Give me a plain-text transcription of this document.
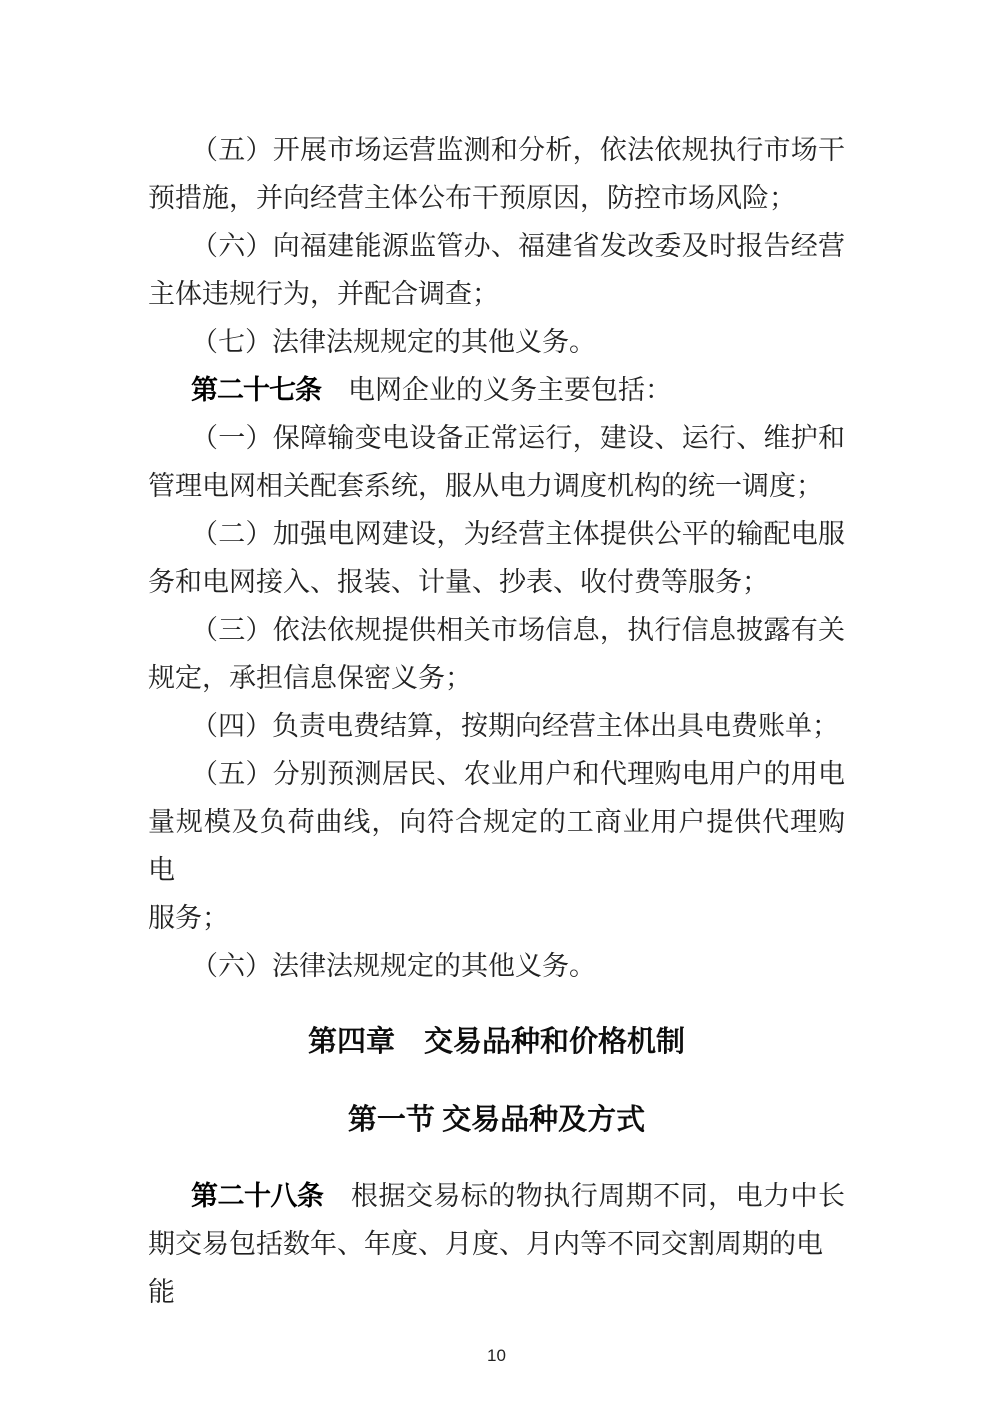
（五）开展市场运营监测和分析，依法依规执行市场干
预措施，并向经营主体公布干预原因，防控市场风险；
（六）向福建能源监管办、福建省发改委及时报告经营
主体违规行为，并配合调查；
（七）法律法规规定的其他义务。
第二十七条　电网企业的义务主要包括：
（一）保障输变电设备正常运行，建设、运行、维护和
管理电网相关配套系统，服从电力调度机构的统一调度；
（二）加强电网建设，为经营主体提供公平的输配电服
务和电网接入、报装、计量、抄表、收付费等服务；
（三）依法依规提供相关市场信息，执行信息披露有关
规定，承担信息保密义务；
（四）负责电费结算，按期向经营主体出具电费账单；
（五）分别预测居民、农业用户和代理购电用户的用电
量规模及负荷曲线，向符合规定的工商业用户提供代理购电
服务；
（六）法律法规规定的其他义务。
第四章　交易品种和价格机制
第一节 交易品种及方式
第二十八条　根据交易标的物执行周期不同，电力中长
期交易包括数年、年度、月度、月内等不同交割周期的电能
10
